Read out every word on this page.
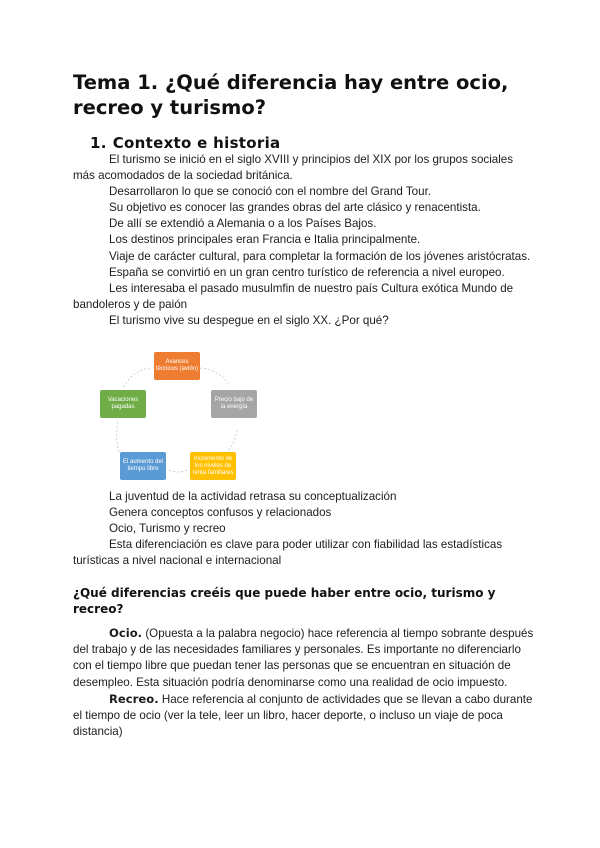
Tema 1. ¿Qué diferencia hay entre ocio, recreo y turismo?
1. Contexto e historia

El turismo se inició en el siglo XVIII y principios del XIX por los grupos sociales más acomodados de la sociedad británica.

Desarrollaron lo que se conoció con el nombre del Grand Tour.

Su objetivo es conocer las grandes obras del arte clásico y renacentista.

De allí se extendió a Alemania o a los Países Bajos.

Los destinos principales eran Francia e Italia principalmente.

Viaje de carácter cultural, para completar la formación de los jóvenes aristócratas.

España se convirtió en un gran centro turístico de referencia a nivel europeo.

Les interesaba el pasado musulmfin de nuestro país Cultura exótica Mundo de bandoleros y de paión

El turismo vive su despegue en el siglo XX. ¿Por qué?

Avances técnicos (avión)
Precio bajo de la energía
Incremento de los niveles de renta familiares
El aumento del tiempo libre
Vacaciones pagadas

La juventud de la actividad retrasa su conceptualización

Genera conceptos confusos y relacionados

Ocio, Turismo y recreo

Esta diferenciación es clave para poder utilizar con fiabilidad las estadísticas turísticas a nivel nacional e internacional

¿Qué diferencias creéis que puede haber entre ocio, turismo y recreo?

Ocio. (Opuesta a la palabra negocio) hace referencia al tiempo sobrante después del trabajo y de las necesidades familiares y personales. Es importante no diferenciarlo con el tiempo libre que puedan tener las personas que se encuentran en situación de desempleo. Esta situación podría denominarse como una realidad de ocio impuesto.

Recreo. Hace referencia al conjunto de actividades que se llevan a cabo durante el tiempo de ocio (ver la tele, leer un libro, hacer deporte, o incluso un viaje de poca distancia)
